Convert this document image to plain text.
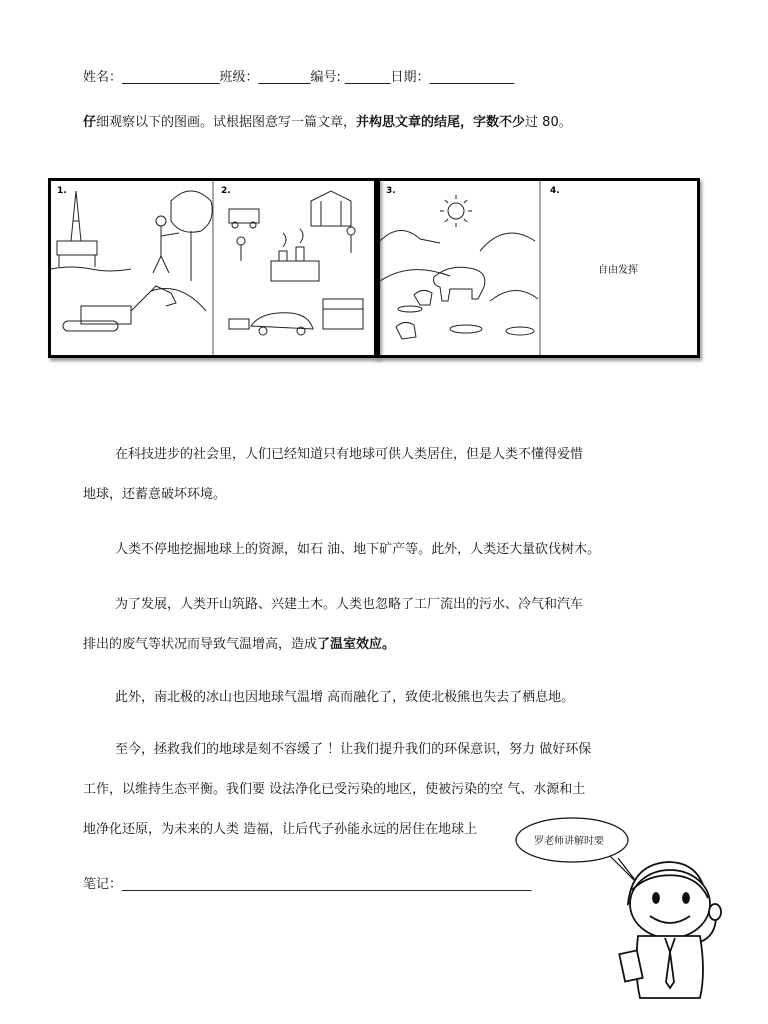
姓名：_______________班级：________编号: _______日期：_____________
仔细观察以下的图画。试根据图意写一篇文章，并构思文章的结尾，字数不少过 80。
1.	2.	3.	4.
自由发挥
在科技进步的社会里，人们已经知道只有地球可供人类居住，但是人类不懂得爱惜
地球，还蓄意破坏环境。
人类不停地挖掘地球上的资源，如石 油、地下矿产等。此外，人类还大量砍伐树木。
为了发展，人类开山筑路、兴建土木。人类也忽略了工厂流出的污水、冷气和汽车
排出的废气等状况而导致气温增高，造成了温室效应。
此外，南北极的冰山也因地球气温增 高而融化了，致使北极熊也失去了栖息地。
至今，拯救我们的地球是刻不容缓了 ！让我们提升我们的环保意识，努力 做好环保
工作，以维持生态平衡。我们要 设法净化已受污染的地区，使被污染的空 气、水源和土
地净化还原，为未来的人类 造福，让后代子孙能永远的居住在地球上
笔记：_______________________________________________________________
罗老师讲解时要
